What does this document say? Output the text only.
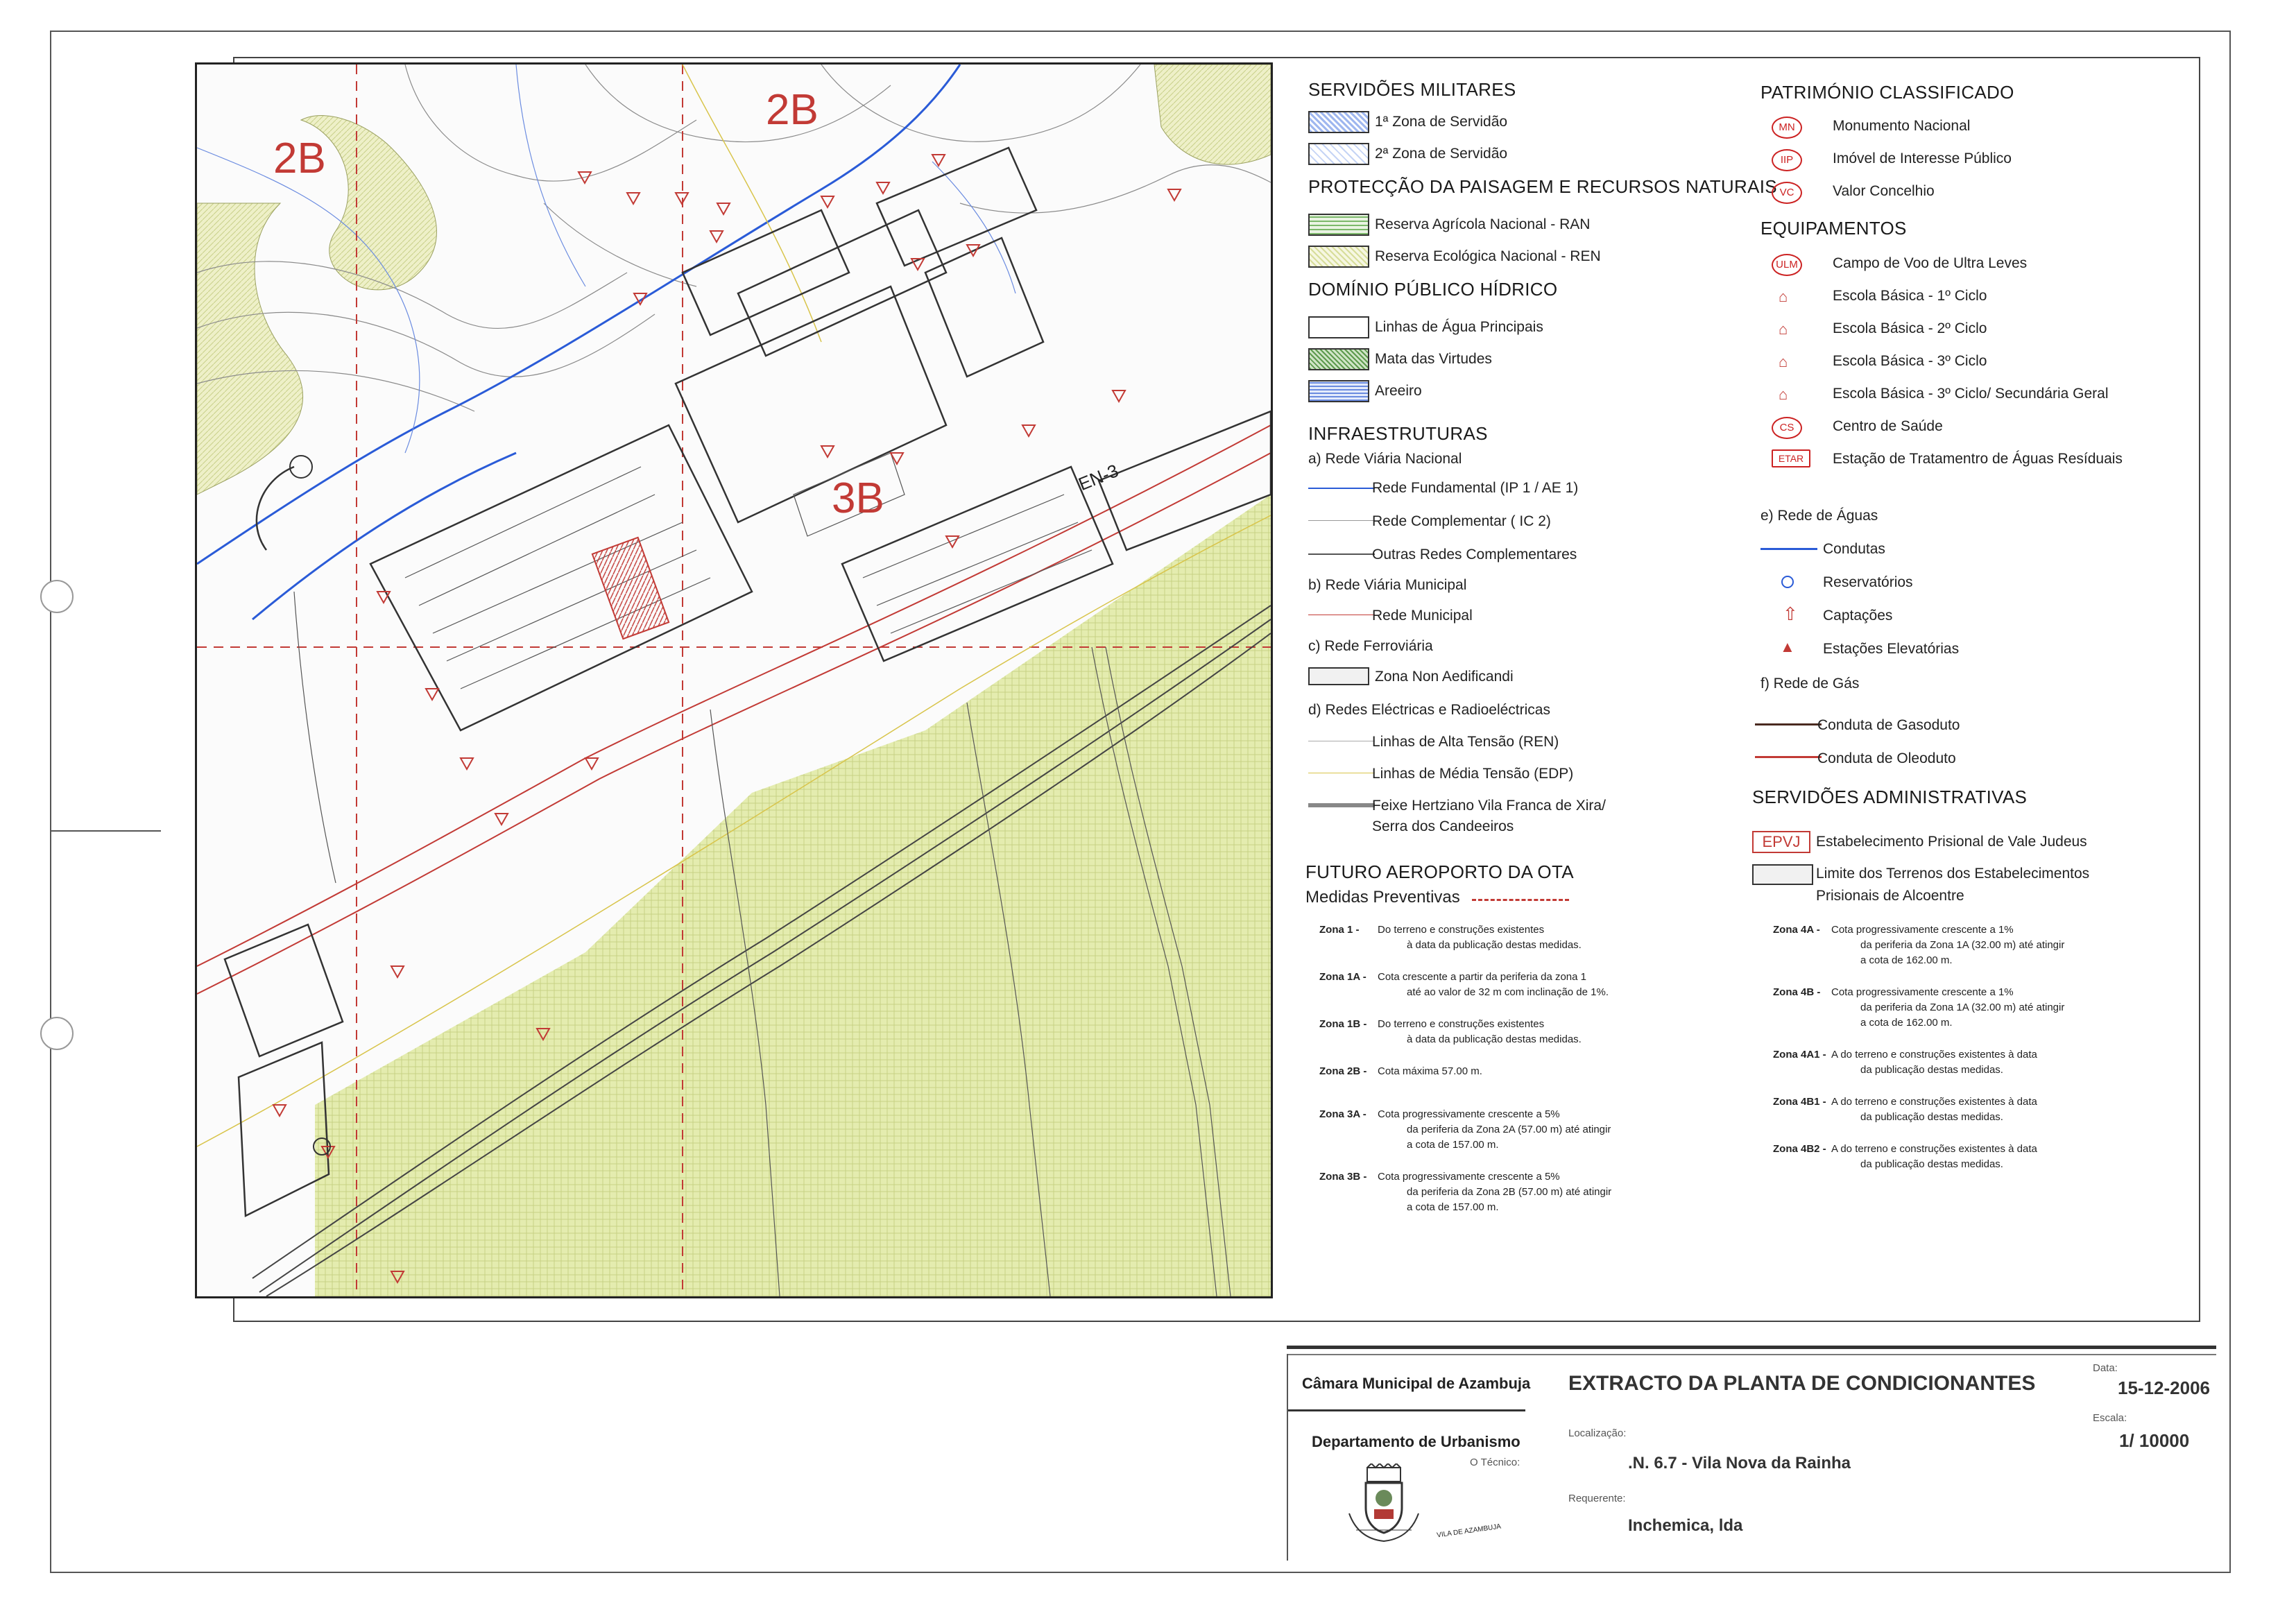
2B
2B
3B	EN-3
SERVIDÕES MILITARES
1ª Zona de Servidão
2ª Zona de Servidão
PROTECÇÃO DA PAISAGEM E RECURSOS NATURAIS
Reserva Agrícola Nacional - RAN
Reserva Ecológica Nacional - REN
DOMÍNIO PÚBLICO HÍDRICO
Linhas de Água Principais
Mata das Virtudes
Areeiro
INFRAESTRUTURAS
a) Rede Viária Nacional
Rede Fundamental (IP 1 / AE 1)
Rede Complementar ( IC 2)
Outras Redes Complementares
b) Rede Viária Municipal
Rede Municipal
c) Rede Ferroviária
Zona Non Aedificandi
d) Redes Eléctricas e Radioeléctricas
Linhas de Alta Tensão (REN)
Linhas de Média Tensão (EDP)
Feixe Hertziano Vila Franca de Xira/
Serra dos Candeeiros
FUTURO AEROPORTO DA OTA
Medidas Preventivas
Zona 1 - Do terreno e construções existentes
à data da publicação destas medidas.
Zona 1A - Cota crescente a partir da periferia da zona 1
até ao valor de 32 m com inclinação de 1%.
Zona 1B - Do terreno e construções existentes
à data da publicação destas medidas.
Zona 2B - Cota máxima 57.00 m.
Zona 3A - Cota progressivamente crescente a 5%
da periferia da Zona 2A (57.00 m) até atingir
a cota de 157.00 m.
Zona 3B - Cota progressivamente crescente a 5%
da periferia da Zona 2B (57.00 m) até atingir
a cota de 157.00 m.
Zona 4A - Cota progressivamente crescente a 1%
da periferia da Zona 1A (32.00 m) até atingir
a cota de 162.00 m.
Zona 4B - Cota progressivamente crescente a 1%
da periferia da Zona 1A (32.00 m) até atingir
a cota de 162.00 m.
Zona 4A1 - A do terreno e construções existentes à data
da publicação destas medidas.
Zona 4B1 - A do terreno e construções existentes à data
da publicação destas medidas.
Zona 4B2 - A do terreno e construções existentes à data
da publicação destas medidas.
PATRIMÓNIO CLASSIFICADO
MN	Monumento Nacional
IIP	Imóvel de Interesse Público
VC	Valor Concelhio
EQUIPAMENTOS
ULM Campo de Voo de Ultra Leves
⌂	Escola Básica - 1º Ciclo
⌂	Escola Básica - 2º Ciclo
⌂	Escola Básica - 3º Ciclo
⌂	Escola Básica - 3º Ciclo/ Secundária Geral
CS	Centro de Saúde
ETAR	Estação de Tratamentro de Águas Resíduais
e) Rede de Águas
Condutas
Reservatórios
⇧ Captações
▲ Estações Elevatórias
f) Rede de Gás
Conduta de Gasoduto
Conduta de Oleoduto
SERVIDÕES ADMINISTRATIVAS
EPVJ	Estabelecimento Prisional de Vale Judeus
Limite dos Terrenos dos Estabelecimentos
Prisionais de Alcoentre
Câmara Municipal de Azambuja
Departamento de Urbanismo
O Técnico:
VILA DE AZAMBUJA
EXTRACTO DA PLANTA DE CONDICIONANTES
Localização:
.N. 6.7 - Vila Nova da Rainha
Requerente:
Inchemica, lda
Data:
15-12-2006
Escala:
1/ 10000
